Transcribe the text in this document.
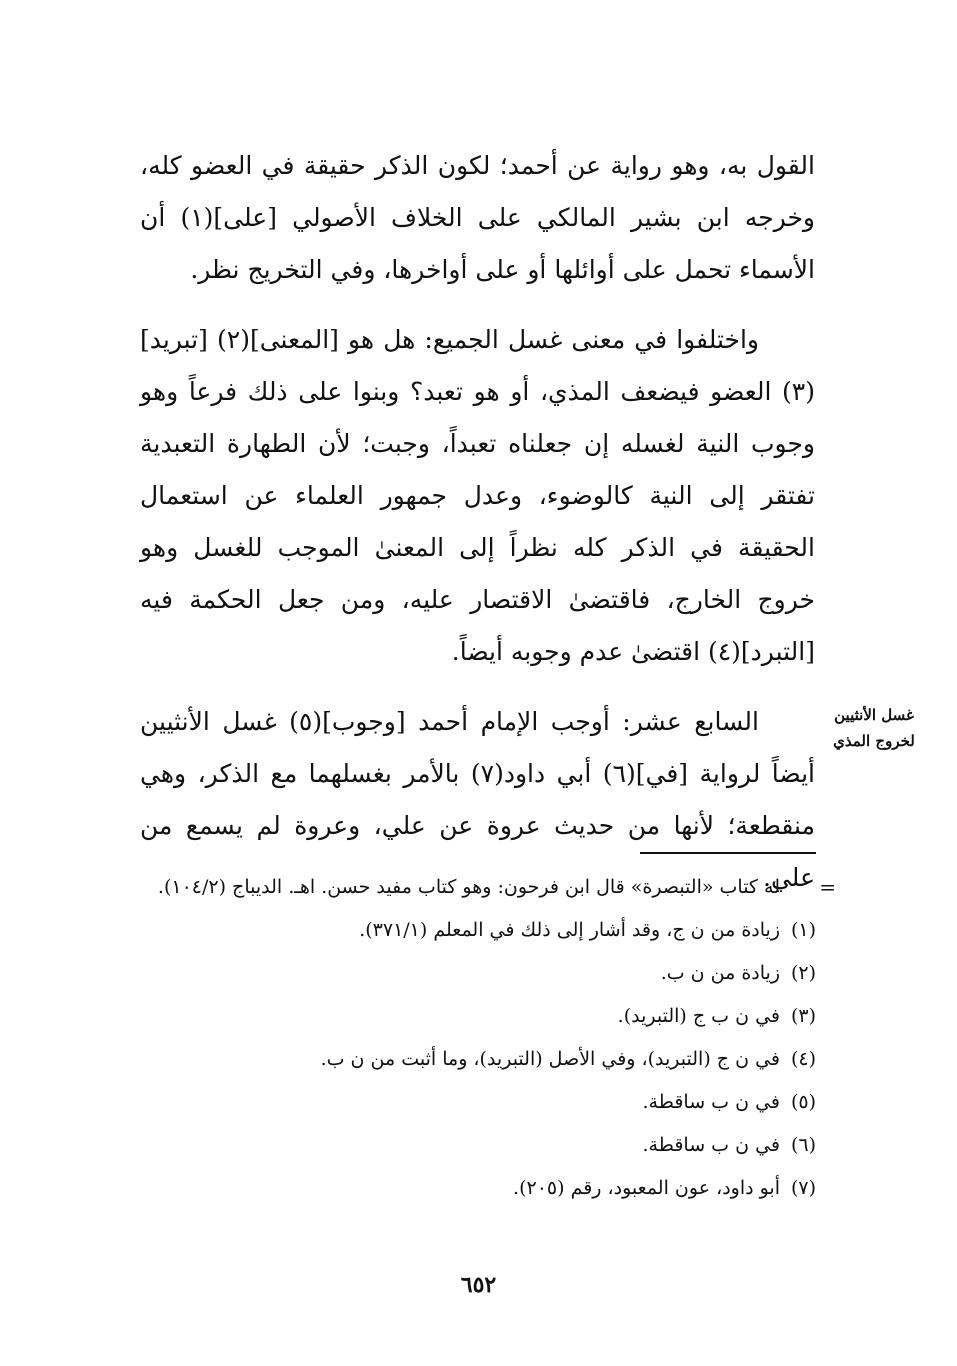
القول به، وهو رواية عن أحمد؛ لكون الذكر حقيقة في العضو كله، وخرجه ابن بشير المالكي على الخلاف الأصولي [على](١) أن الأسماء تحمل على أوائلها أو على أواخرها، وفي التخريج نظر.

واختلفوا في معنى غسل الجميع: هل هو [المعنى](٢) [تبريد](٣) العضو فيضعف المذي، أو هو تعبد؟ وبنوا على ذلك فرعاً وهو وجوب النية لغسله إن جعلناه تعبداً، وجبت؛ لأن الطهارة التعبدية تفتقر إلى النية كالوضوء، وعدل جمهور العلماء عن استعمال الحقيقة في الذكر كله نظراً إلى المعنىٰ الموجب للغسل وهو خروج الخارج، فاقتضىٰ الاقتصار عليه، ومن جعل الحكمة فيه [التبرد](٤) اقتضىٰ عدم وجوبه أيضاً.

السابع عشر: أوجب الإمام أحمد [وجوب](٥) غسل الأنثيين أيضاً لرواية [في](٦) أبي داود(٧) بالأمر بغسلهما مع الذكر، وهي منقطعة؛ لأنها من حديث عروة عن علي، وعروة لم يسمع من علي.

غسل الأنثيين
لخروج المذي
=
له كتاب «التبصرة» قال ابن فرحون: وهو كتاب مفيد حسن. اهـ. الديباج (١٠٤/٢).
(١)
زيادة من ن ج، وقد أشار إلى ذلك في المعلم (٣٧١/١).
(٢)
زيادة من ن ب.
(٣)
في ن ب ج (التبريد).
(٤)
في ن ج (التبريد)، وفي الأصل (التبريد)، وما أثبت من ن ب.
(٥)
في ن ب ساقطة.
(٦)
في ن ب ساقطة.
(٧)
أبو داود، عون المعبود، رقم (٢٠٥).
٦٥٢
